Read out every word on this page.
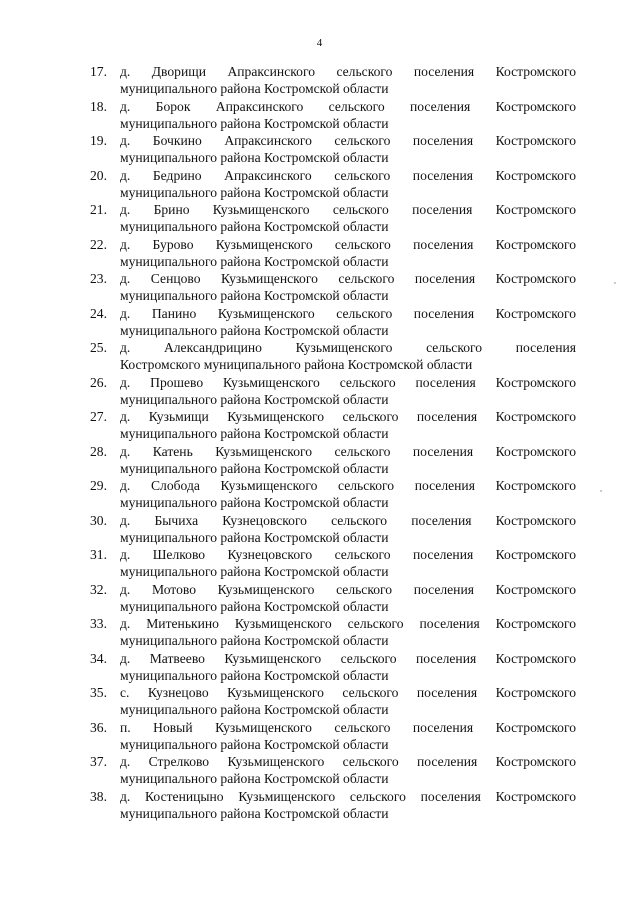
4
17. д. Дворищи Апраксинского сельского поселения Костромского
муниципального района Костромской области
18. д. Борок Апраксинского сельского поселения Костромского
муниципального района Костромской области
19. д. Бочкино Апраксинского сельского поселения Костромского
муниципального района Костромской области
20. д. Бедрино Апраксинского сельского поселения Костромского
муниципального района Костромской области
21. д. Брино Кузьмищенского сельского поселения Костромского
муниципального района Костромской области
22. д. Бурово Кузьмищенского сельского поселения Костромского
муниципального района Костромской области
23. д. Сенцово Кузьмищенского сельского поселения Костромского
муниципального района Костромской области
24. д. Панино Кузьмищенского сельского поселения Костромского
муниципального района Костромской области
25. д. Александрицино Кузьмищенского сельского поселения
Костромского муниципального района Костромской области
26. д. Прошево Кузьмищенского сельского поселения Костромского
муниципального района Костромской области
27. д. Кузьмищи Кузьмищенского сельского поселения Костромского
муниципального района Костромской области
28. д. Катень Кузьмищенского сельского поселения Костромского
муниципального района Костромской области
29. д. Слобода Кузьмищенского сельского поселения Костромского
муниципального района Костромской области
30. д. Бычиха Кузнецовского сельского поселения Костромского
муниципального района Костромской области
31. д. Шелково Кузнецовского сельского поселения Костромского
муниципального района Костромской области
32. д. Мотово Кузьмищенского сельского поселения Костромского
муниципального района Костромской области
33. д. Митенькино Кузьмищенского сельского поселения Костромского
муниципального района Костромской области
34. д. Матвеево Кузьмищенского сельского поселения Костромского
муниципального района Костромской области
35. с. Кузнецово Кузьмищенского сельского поселения Костромского
муниципального района Костромской области
36. п. Новый Кузьмищенского сельского поселения Костромского
муниципального района Костромской области
37. д. Стрелково Кузьмищенского сельского поселения Костромского
муниципального района Костромской области
38. д. Костеницыно Кузьмищенского сельского поселения Костромского
муниципального района Костромской области
